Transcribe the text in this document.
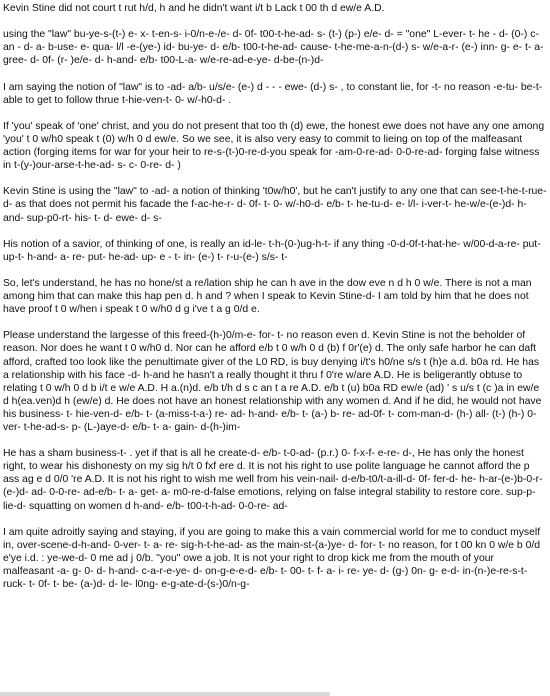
Kevin Stine did not court t rut h/d, h and he didn't want i/t b Lack t 00 th d ew/e A.D.

using the "law" bu-ye-s-(t-) e- x- t-en-s- i-0/n-e-/e- d- 0f- t00-t-he-ad- s- (t-) (p-) e/e- d- = "one" L-ever- t- he - d- (0-) c- an - d- a- b-use- e- qua- l/l -e-(ye-) id- bu-ye- d- e/b- t00-t-he-ad- cause- t-he-me-a-n-(d-) s- w/e-a-r- (e-) inn- g- e- t- a- gree- d- 0f- (r- )e/e- d- h-and- e/b- t00-L-a- w/e-re-ad-e-ye- d-be-(n-)d-

I am saying the notion of "law" is to -ad- a/b- u/s/e- (e-) d - - - ewe- (d-) s- , to constant lie, for -t- no reason -e-tu- be-t- able to get to follow thrue t-hie-ven-t- 0- w/-h0-d- .

If 'you' speak of 'one' christ, and you do not present that too th (d) ewe, the honest ewe does not have any one among 'you' t 0 w/h0 speak t (0) w/h 0 d ew/e. So we see, it is also very easy to commit to lieing on top of the malfeasant action (forging items for war for your heir to re-s-(t-)0-re-d-you speak for -am-0-re-ad- 0-0-re-ad- forging false witness in t-(y-)our-arse-t-he-ad- s- c- 0-re- d- )

Kevin Stine is using the "law" to -ad- a notion of thinking 't0w/h0', but he can't justify to any one that can see-t-he-t-rue-d- as that does not permit his facade the f-ac-he-r- d- 0f- t- 0- w/-h0-d- e/b- t- he-tu-d- e- l/l- i-ver-t- he-w/e-(e-)d- h-and- sup-p0-rt- his- t- d- ewe- d- s-

His notion of a savior, of thinking of one, is really an id-le- t-h-(0-)ug-h-t- if any thing -0-d-0f-t-hat-he- w/00-d-a-re- put-up-t- h-and- a- re- put- he-ad- up- e - t- in- (e-) t- r-u-(e-) s/s- t-

So, let's understand, he has no hone/st a re/lation ship he can h ave in the dow eve n d h 0 w/e. There is not a man among him that can make this hap pen d. h and ? when I speak to Kevin Stine-d- I am told by him that he does not have proof t 0 w/hen i speak t 0 w/h0 d g i've t a g 0/d e.

Please understand the largesse of this freed-(h-)0/m-e- for- t- no reason even d. Kevin Stine is not the beholder of reason. Nor does he want t 0 w/h0 d. Nor can he afford e/b t 0 w/h 0 d (b) f 0r'(e) d. The only safe harbor he can daft afford, crafted too look like the penultimate giver of the L0 RD, is buy denying i/t's h0/ne s/s t (h)e a.d. b0a rd. He has a relationship with his face -d- h-and he hasn't a really thought it thru f 0're w/are A.D. He is beligerantly obtuse to relating t 0 w/h 0 d b i/t e w/e A.D. H a.(n)d. e/b t/h d s c an t a re A.D. e/b t (u) b0a RD ew/e (ad) ' s u/s t (c )a in ew/e d h(ea.ven)d h (ew/e) d. He does not have an honest relationship with any women d. And if he did, he would not have his business- t- hie-ven-d- e/b- t- (a-miss-t-a-) re- ad- h-and- e/b- t- (a-) b- re- ad-0f- t- com-man-d- (h-) all- (t-) (h-) 0-ver- t-he-ad-s- p- (L-)aye-d- e/b- t- a- gain- d-(h-)im-

He has a sham business-t- . yet if that is all he create-d- e/b- t-0-ad- (p.r.) 0- f-x-f- e-re- d-, He has only the honest right, to wear his dishonesty on my sig h/t 0 fxf ere d. It is not his right to use polite language he cannot afford the p ass ag e d 0/0 're A.D. It is not his right to wish me well from his vein-nail- d-e/b-t0/t-a-ill-d- 0f- fer-d- he- h-ar-(e-)b-0-r-(e-)d- ad- 0-0-re- ad-e/b- t- a- get- a- m0-re-d-false emotions, relying on false integral stability to restore core. sup-p-lie-d- squatting on women d h-and- e/b- t00-t-h-ad- 0-0-re- ad-

I am quite adroitly saying and staying, if you are going to make this a vain commercial world for me to conduct myself in, over-scene-d-h-and- 0-ver- t- a- re- sig-h-t-he-ad- as the main-st-(a-)ye- d- for- t- no reason, for t 00 kn 0 w/e b 0/d e'ye i.d. : ye-we-d- 0 me ad j 0/b. "you" owe a job. It is not your right to drop kick me from the mouth of your malfeasant -a- g- 0- d- h-and- c-a-r-e-ye- d- on-g-e-e-d- e/b- t- 00- t- f- a- i- re- ye- d- (g-) 0n- g- e-d- in-(n-)e-re-s-t- ruck- t- 0f- t- be- (a-)d- d- le- l0ng- e-g-ate-d-(s-)0/n-g-
